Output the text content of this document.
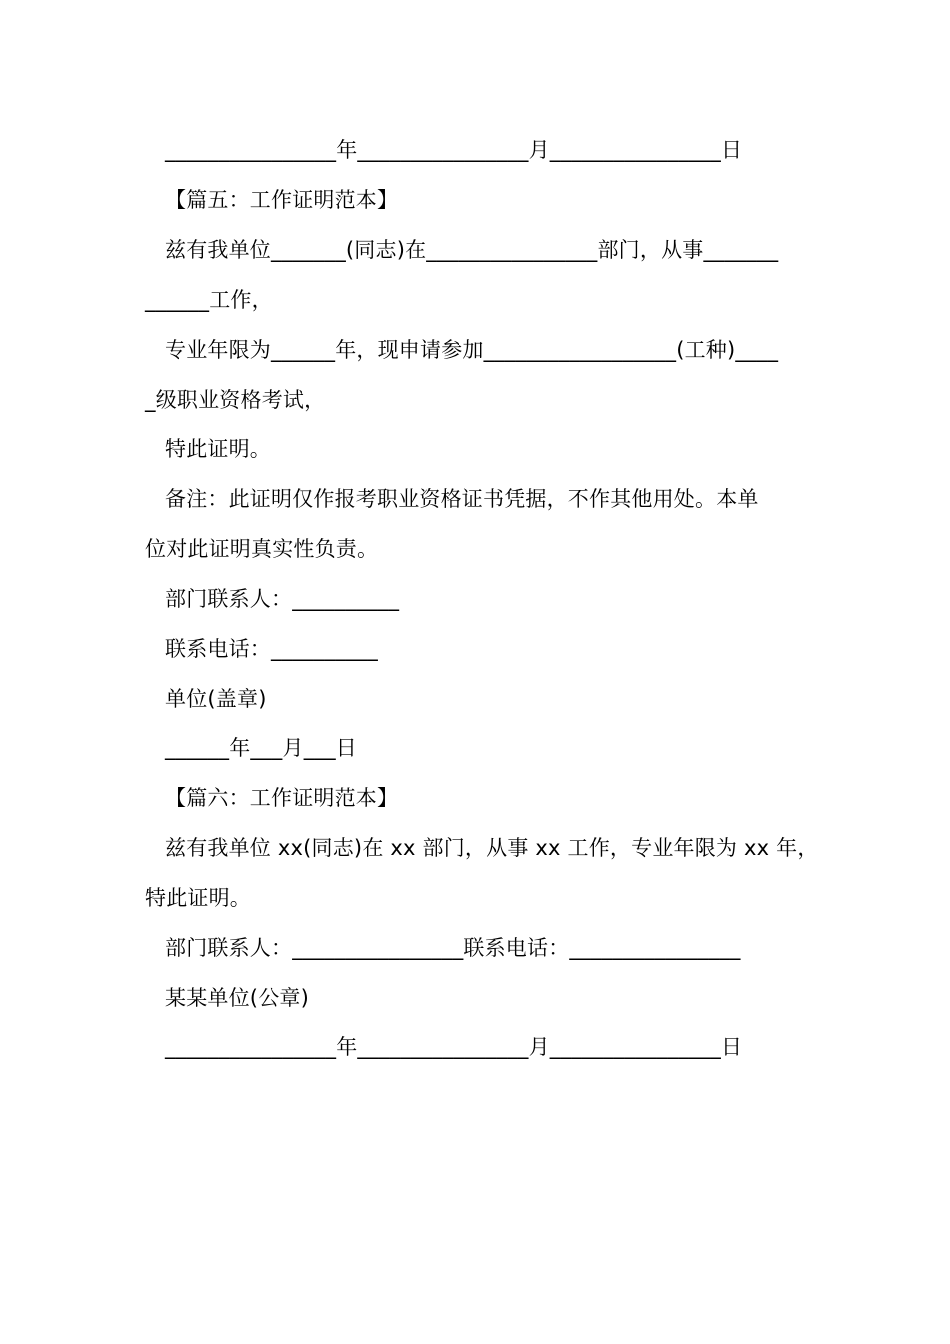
________________年________________月________________日
【篇五：工作证明范本】
兹有我单位_______(同志)在________________部门，从事_______
______工作，
专业年限为______年，现申请参加__________________(工种)____
_级职业资格考试，
特此证明。
备注：此证明仅作报考职业资格证书凭据，不作其他用处。本单
位对此证明真实性负责。
部门联系人：__________
联系电话：__________
单位(盖章)
______年___月___日
【篇六：工作证明范本】
兹有我单位 xx(同志)在 xx 部门，从事 xx 工作，专业年限为 xx 年，
特此证明。
部门联系人：________________联系电话：________________
某某单位(公章)
________________年________________月________________日
